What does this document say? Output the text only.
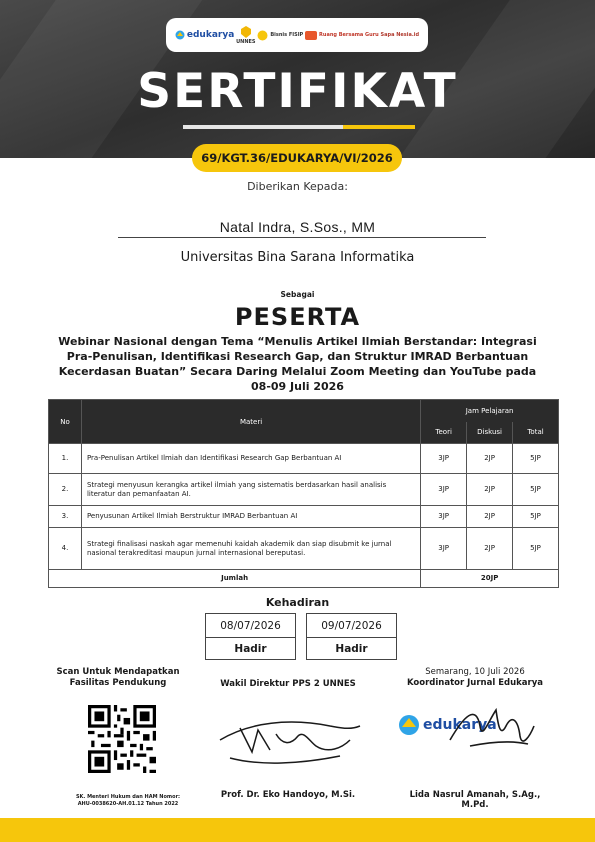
edukarya
UNNES
Bisnis FISIP	Ruang Bersama Guru Sapa Nesia.id
SERTIFIKAT
69/KGT.36/EDUKARYA/VI/2026
Diberikan Kepada:
Natal Indra, S.Sos., MM
Universitas Bina Sarana Informatika
Sebagai
PESERTA
Webinar Nasional dengan Tema “Menulis Artikel Ilmiah Berstandar: Integrasi Pra-Penulisan, Identifikasi Research Gap, dan Struktur IMRAD Berbantuan Kecerdasan Buatan” Secara Daring Melalui Zoom Meeting dan YouTube pada 08-09 Juli 2026
No	Materi	Jam Pelajaran		
		Teori	Diskusi	Total
1.	Pra-Penulisan Artikel Ilmiah dan Identifikasi Research Gap Berbantuan AI	3JP	2JP	5JP
2.	Strategi menyusun kerangka artikel ilmiah yang sistematis berdasarkan hasil analisis literatur dan pemanfaatan AI.	3JP	2JP	5JP
3.	Penyusunan Artikel Ilmiah Berstruktur IMRAD Berbantuan AI	3JP	2JP	5JP
4.	Strategi finalisasi naskah agar memenuhi kaidah akademik dan siap disubmit ke jurnal nasional terakreditasi maupun jurnal internasional bereputasi.	3JP	2JP	5JP
Jumlah		20JP		
Kehadiran
08/07/2026
Hadir
09/07/2026
Hadir
Scan Untuk Mendapatkan
Fasilitas Pendukung
SK. Menteri Hukum dan HAM Nomor:
AHU-0038620-AH.01.12 Tahun 2022
Wakil Direktur PPS 2 UNNES
Prof. Dr. Eko Handoyo, M.Si.
Semarang, 10 Juli 2026
Koordinator Jurnal Edukarya
edukarya
Lida Nasrul Amanah, S.Ag., M.Pd.
